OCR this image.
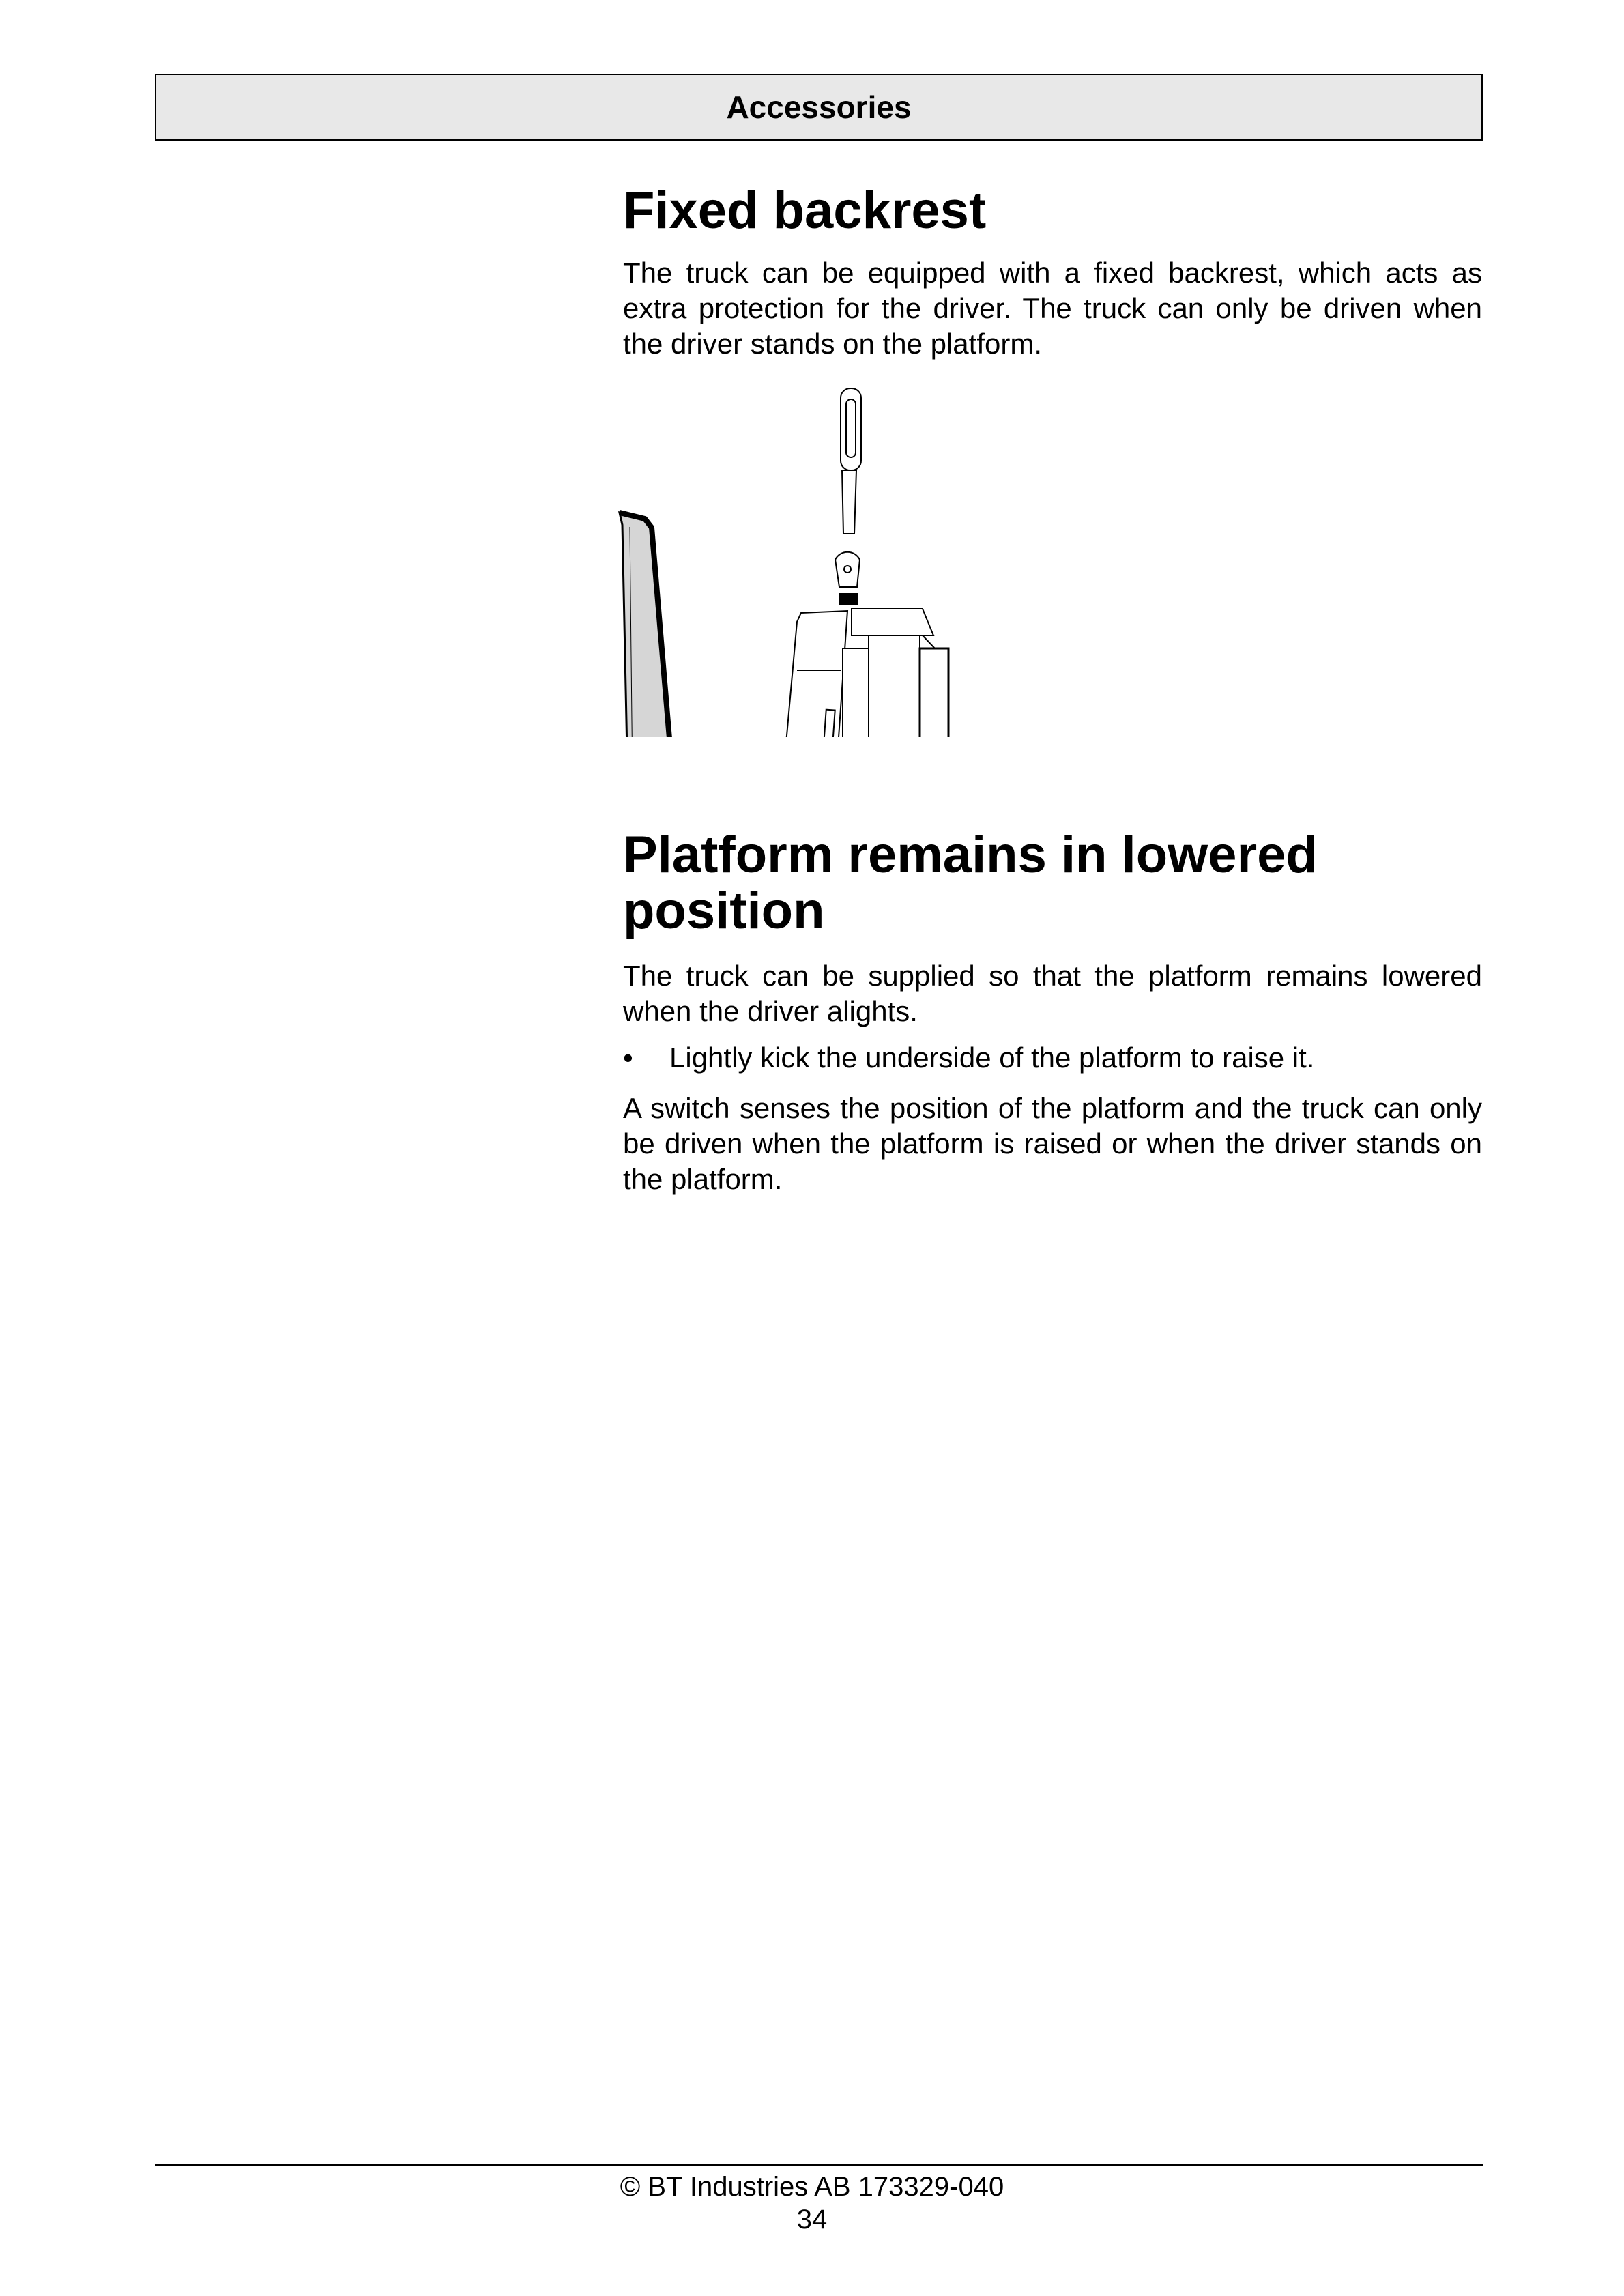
Accessories
Fixed backrest

The truck can be equipped with a fixed backrest, which acts as extra protection for the driver. The truck can only be driven when the driver stands on the platform.

Platform remains in lowered position

The truck can be supplied so that the platform remains lowered when the driver alights.

•	Lightly kick the underside of the platform to raise it.

A switch senses the position of the platform and the truck can only be driven when the platform is raised or when the driver stands on the platform.

© BT Industries AB 173329-040
34
